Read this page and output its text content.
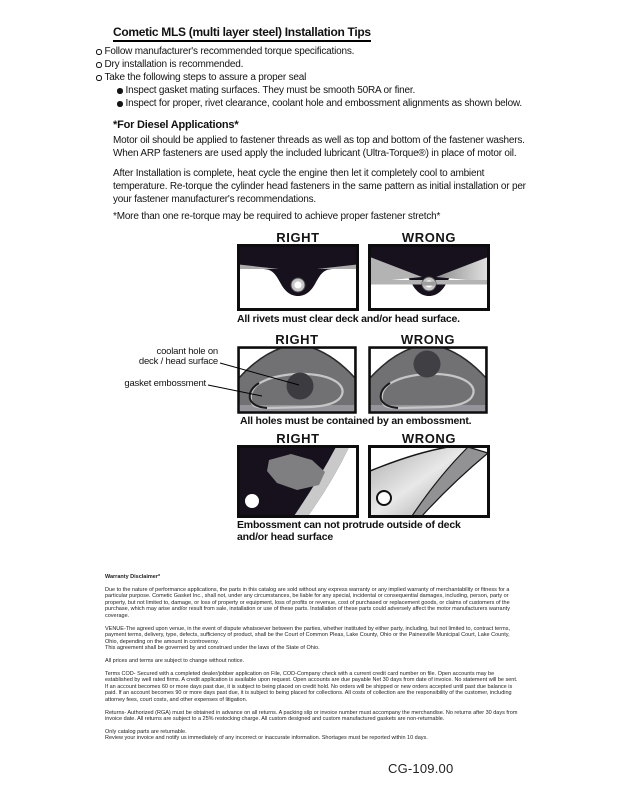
Cometic MLS (multi layer steel) Installation Tips
Follow manufacturer's recommended torque specifications.
Dry installation is recommended.
Take the following steps to assure a proper seal
Inspect gasket mating surfaces. They must be smooth 50RA or finer.
Inspect for proper, rivet clearance, coolant hole and embossment alignments as shown below.
*For Diesel Applications*
Motor oil should be applied to fastener threads as well as top and bottom of the fastener washers. When ARP fasteners are used apply the included lubricant (Ultra-Torque®) in place of motor oil.
After Installation is complete, heat cycle the engine then let it completely cool to ambient temperature. Re-torque the cylinder head fasteners in the same pattern as initial installation or per your fastener manufacturer's recommendations.
*More than one re-torque may be required to achieve proper fastener stretch*
RIGHT	WRONG
All rivets must clear deck and/or head surface.
RIGHT	WRONG
coolant hole on
deck / head surface
gasket embossment
All holes must be contained by an embossment.
RIGHT	WRONG
Embossment can not protrude outside of deck
and/or head surface

Warranty Disclaimer*

Due to the nature of performance applications, the parts in this catalog are sold without any express warranty or any implied warranty of merchantability or fitness for a particular purpose. Cometic Gasket Inc., shall not, under any circumstances, be liable for any special, incidental or consequential damages, including, person, party or property, but not limited to, damage, or loss of property or equipment, loss of profits or revenue, cost of purchased or replacement goods, or claims of customers of the purchase, which may arise and/or result from sale, installation or use of these parts. Installation of these parts could adversely affect the motor manufacturers warranty coverage.

VENUE-The agreed upon venue, in the event of dispute whatsoever between the parties, whether instituted by either party, including, but not limited to, contract terms, payment terms, delivery, type, defects, sufficiency of product, shall be the Court of Common Pleas, Lake County, Ohio or the Painesville Municipal Court, Lake County, Ohio, depending on the amount in controversy.

This agreement shall be governed by and construed under the laws of the State of Ohio.

All prices and terms are subject to change without notice.

Terms COD- Secured with a completed dealer/jobber application on File, COD-Company check with a current credit card number on file. Open accounts may be established by well rated firms. A credit application is available upon request. Open accounts are due payable Net 30 days from date of invoice. No statement will be sent. If an account becomes 60 or more days past due, it is subject to being placed on credit hold. No orders will be shipped or new orders accepted until past due balance is paid. If an account becomes 90 or more days past due, it is subject to being placed for collections. All costs of collection are the responsibility of the customer, including attorney fees, court costs, and other expenses of litigation.

Returns- Authorized (RGA) must be obtained in advance on all returns. A packing slip or invoice number must accompany the merchandise. No returns after 30 days from invoice date. All returns are subject to a 25% restocking charge. All custom designed and custom manufactured gaskets are non-returnable.

Only catalog parts are returnable.

Review your invoice and notify us immediately of any incorrect or inaccurate information. Shortages must be reported within 10 days.

CG-109.00
